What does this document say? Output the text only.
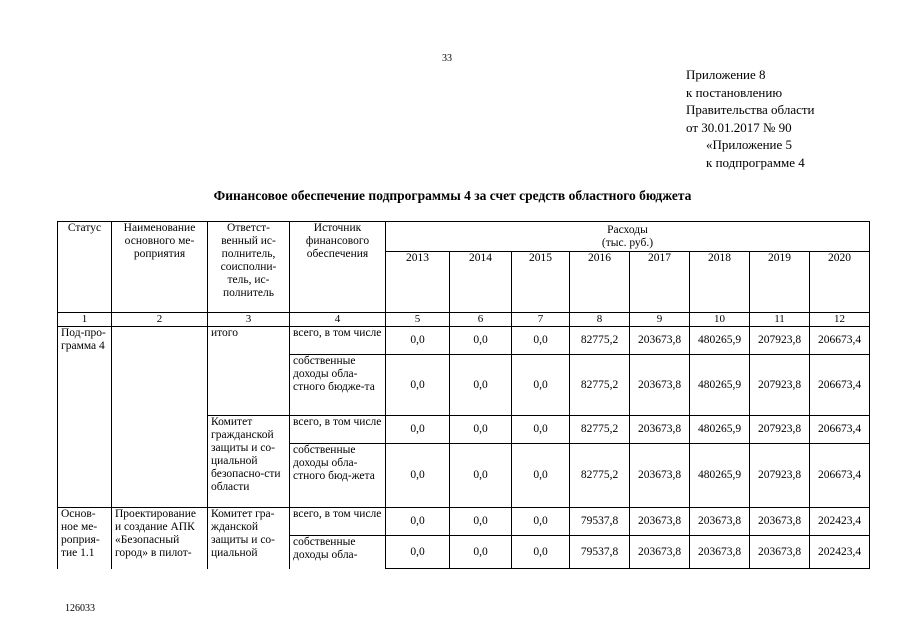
33
Приложение 8
к постановлению
Правительства области
от 30.01.2017 № 90
«Приложение 5
к подпрограмме 4
Финансовое обеспечение подпрограммы 4 за счет средств областного бюджета
Статус	Наименование основного ме-роприятия	Ответст-венный ис-полнитель, соисполни-тель, ис-полнитель	Источник финансового обеспечения	Расходы
(тыс. руб.)							

				2013	2014	2015	2016	2017	2018	2019	2020
1	2	3	4	5	6	7	8	9	10	11	12
Под-про-грамма 4		итого	всего, в том числе	0,0	0,0	0,0	82775,2	203673,8	480265,9	207923,8	206673,4
			собственные доходы обла-стного бюдже-та	0,0	0,0	0,0	82775,2	203673,8	480265,9	207923,8	206673,4
		Комитет гражданской защиты и со-циальной безопасно-сти области	всего, в том числе	0,0	0,0	0,0	82775,2	203673,8	480265,9	207923,8	206673,4
			собственные доходы обла-стного бюд-жета	0,0	0,0	0,0	82775,2	203673,8	480265,9	207923,8	206673,4
Основ-ное ме-роприя-тие 1.1	Проектирование и создание АПК «Безопасный город» в пилот-	Комитет гра-жданской защиты и со-циальной	всего, в том числе	0,0	0,0	0,0	79537,8	203673,8	203673,8	203673,8	202423,4
			собственные доходы обла-	0,0	0,0	0,0	79537,8	203673,8	203673,8	203673,8	202423,4
126033
